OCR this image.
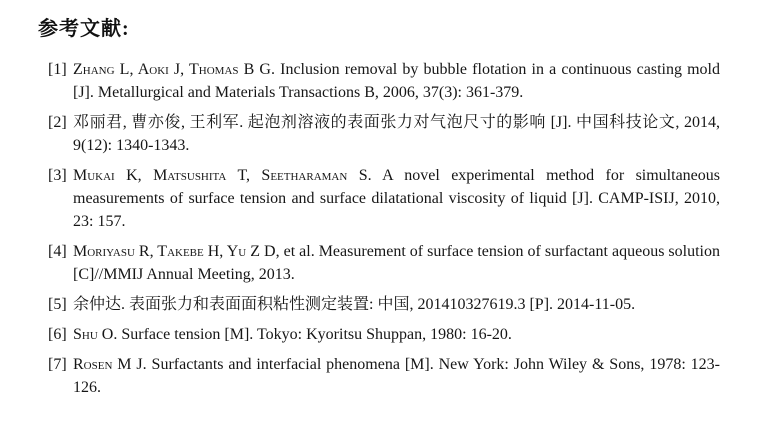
参考文献:
[1] Zhang L, Aoki J, Thomas B G. Inclusion removal by bubble flotation in a continuous casting mold [J]. Metallurgical and Materials Transactions B, 2006, 37(3): 361-379.
[2] 邓丽君, 曹亦俊, 王利军. 起泡剂溶液的表面张力对气泡尺寸的影响 [J]. 中国科技论文, 2014, 9(12): 1340-1343.
[3] Mukai K, Matsushita T, Seetharaman S. A novel experimental method for simultaneous measurements of surface tension and surface dilatational viscosity of liquid [J]. CAMP-ISIJ, 2010, 23: 157.
[4] Moriyasu R, Takebe H, Yu Z D, et al. Measurement of surface tension of surfactant aqueous solution [C]//MMIJ Annual Meeting, 2013.
[5] 余仲达. 表面张力和表面面积粘性测定装置: 中国, 201410327619.3 [P]. 2014-11-05.
[6] Shu O. Surface tension [M]. Tokyo: Kyoritsu Shuppan, 1980: 16-20.
[7] Rosen M J. Surfactants and interfacial phenomena [M]. New York: John Wiley & Sons, 1978: 123-126.
